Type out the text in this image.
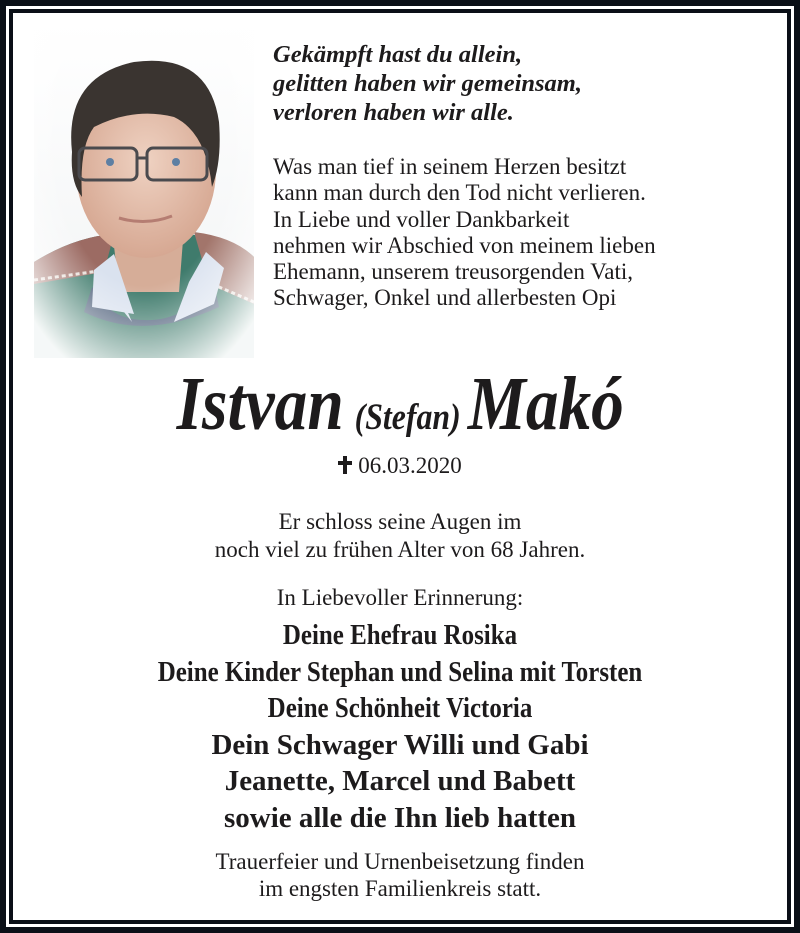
Gekämpft hast du allein,
gelitten haben wir gemeinsam,
verloren haben wir alle.
Was man tief in seinem Herzen besitzt
kann man durch den Tod nicht verlieren.
In Liebe und voller Dankbarkeit
nehmen wir Abschied von meinem lieben
Ehemann, unserem treusorgenden Vati,
Schwager, Onkel und allerbesten Opi
Istvan (Stefan) Makó
06.03.2020
Er schloss seine Augen im
noch viel zu frühen Alter von 68 Jahren.
In Liebevoller Erinnerung:
Deine Ehefrau Rosika
Deine Kinder Stephan und Selina mit Torsten
Deine Schönheit Victoria
Dein Schwager Willi und Gabi
Jeanette, Marcel und Babett
sowie alle die Ihn lieb hatten
Trauerfeier und Urnenbeisetzung finden
im engsten Familienkreis statt.
